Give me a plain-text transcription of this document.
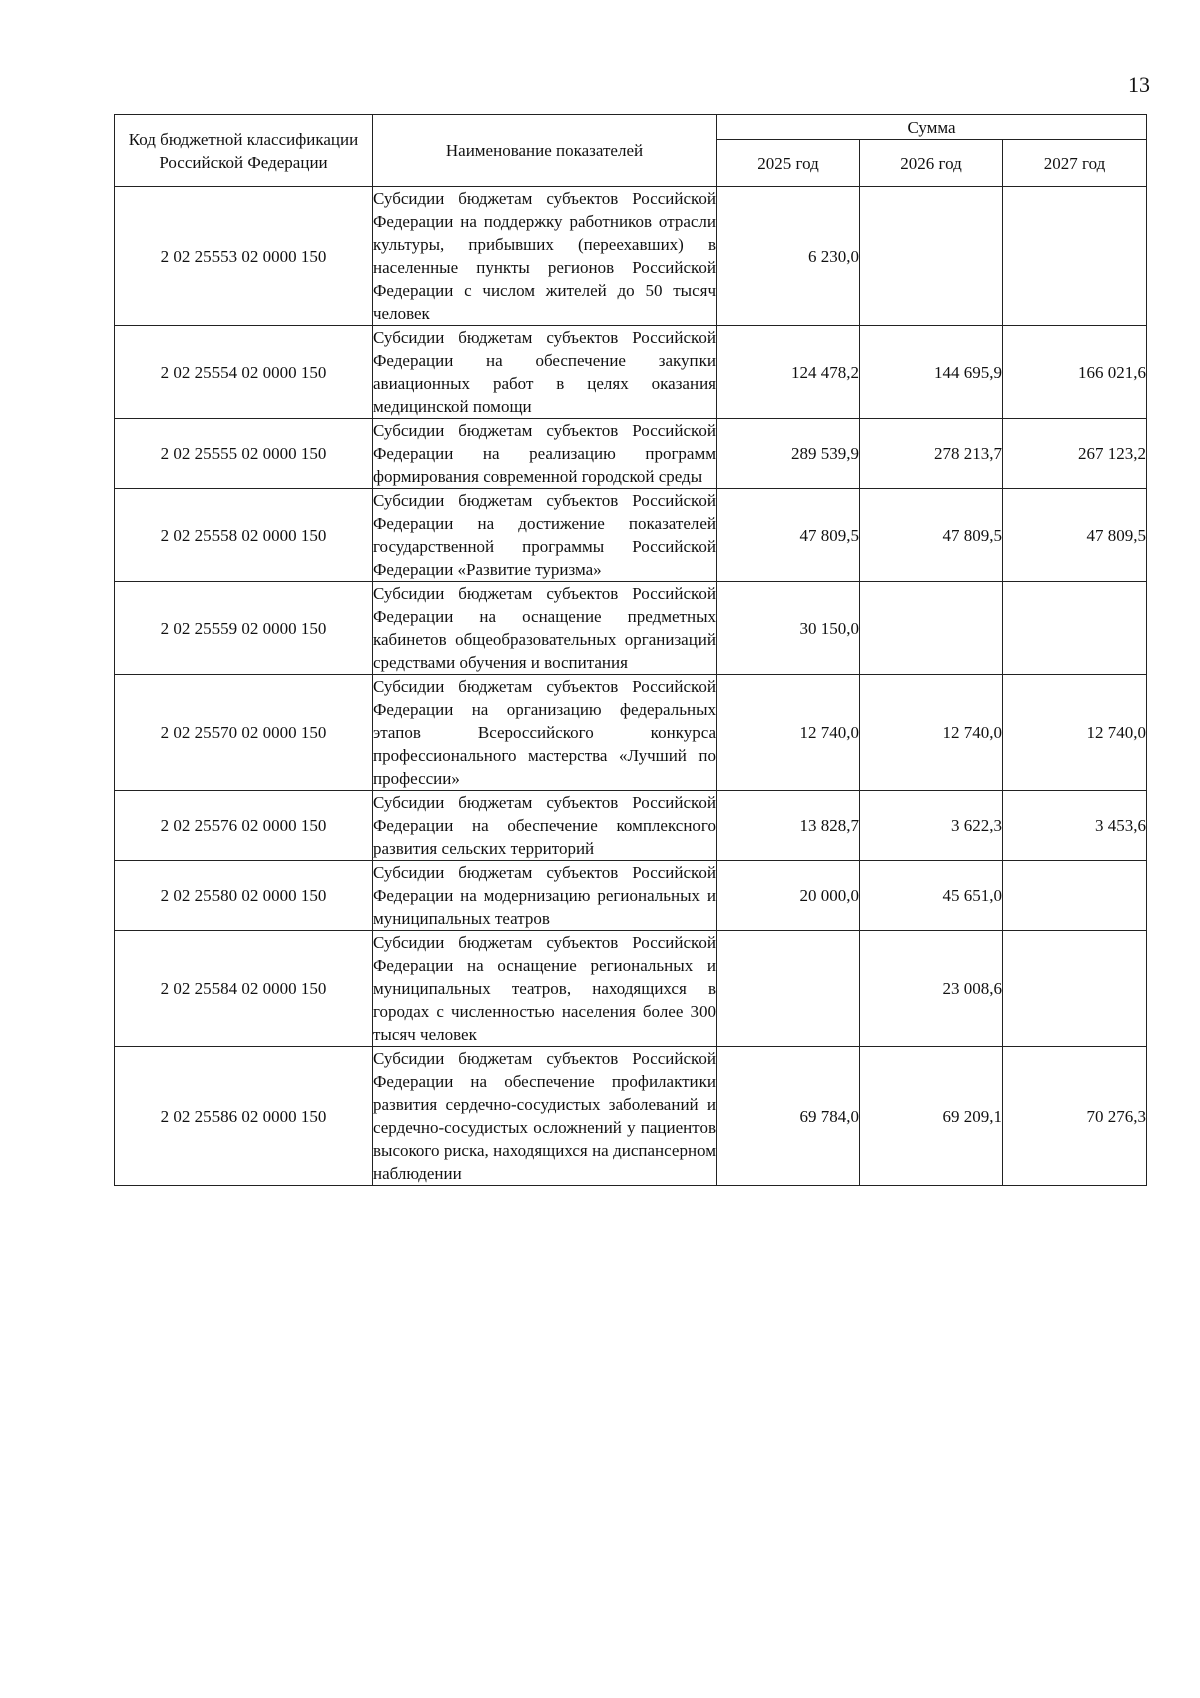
13
Код бюджетной классификации Российской Федерации	Наименование показателей	Сумма		
		2025 год	2026 год	2027 год
2 02 25553 02 0000 150	Субсидии бюджетам субъектов Российской Федерации на поддержку работников отрасли культуры, прибывших (переехавших) в населенные пункты регионов Российской Федерации с числом жителей до 50 тысяч человек	6 230,0		
2 02 25554 02 0000 150	Субсидии бюджетам субъектов Российской Федерации на обеспечение закупки авиационных работ в целях оказания медицинской помощи	124 478,2	144 695,9	166 021,6
2 02 25555 02 0000 150	Субсидии бюджетам субъектов Российской Федерации на реализацию программ формирования современной городской среды	289 539,9	278 213,7	267 123,2
2 02 25558 02 0000 150	Субсидии бюджетам субъектов Российской Федерации на достижение показателей государственной программы Российской Федерации «Развитие туризма»	47 809,5	47 809,5	47 809,5
2 02 25559 02 0000 150	Субсидии бюджетам субъектов Российской Федерации на оснащение предметных кабинетов общеобразовательных организаций средствами обучения и воспитания	30 150,0		
2 02 25570 02 0000 150	Субсидии бюджетам субъектов Российской Федерации на организацию федеральных этапов Всероссийского конкурса профессионального мастерства «Лучший по профессии»	12 740,0	12 740,0	12 740,0
2 02 25576 02 0000 150	Субсидии бюджетам субъектов Российской Федерации на обеспечение комплексного развития сельских территорий	13 828,7	3 622,3	3 453,6
2 02 25580 02 0000 150	Субсидии бюджетам субъектов Российской Федерации на модернизацию региональных и муниципальных театров	20 000,0	45 651,0	
2 02 25584 02 0000 150	Субсидии бюджетам субъектов Российской Федерации на оснащение региональных и муниципальных театров, находящихся в городах с численностью населения более 300 тысяч человек		23 008,6	
2 02 25586 02 0000 150	Субсидии бюджетам субъектов Российской Федерации на обеспечение профилактики развития сердечно-сосудистых заболеваний и сердечно-сосудистых осложнений у пациентов высокого риска, находящихся на диспансерном наблюдении	69 784,0	69 209,1	70 276,3
